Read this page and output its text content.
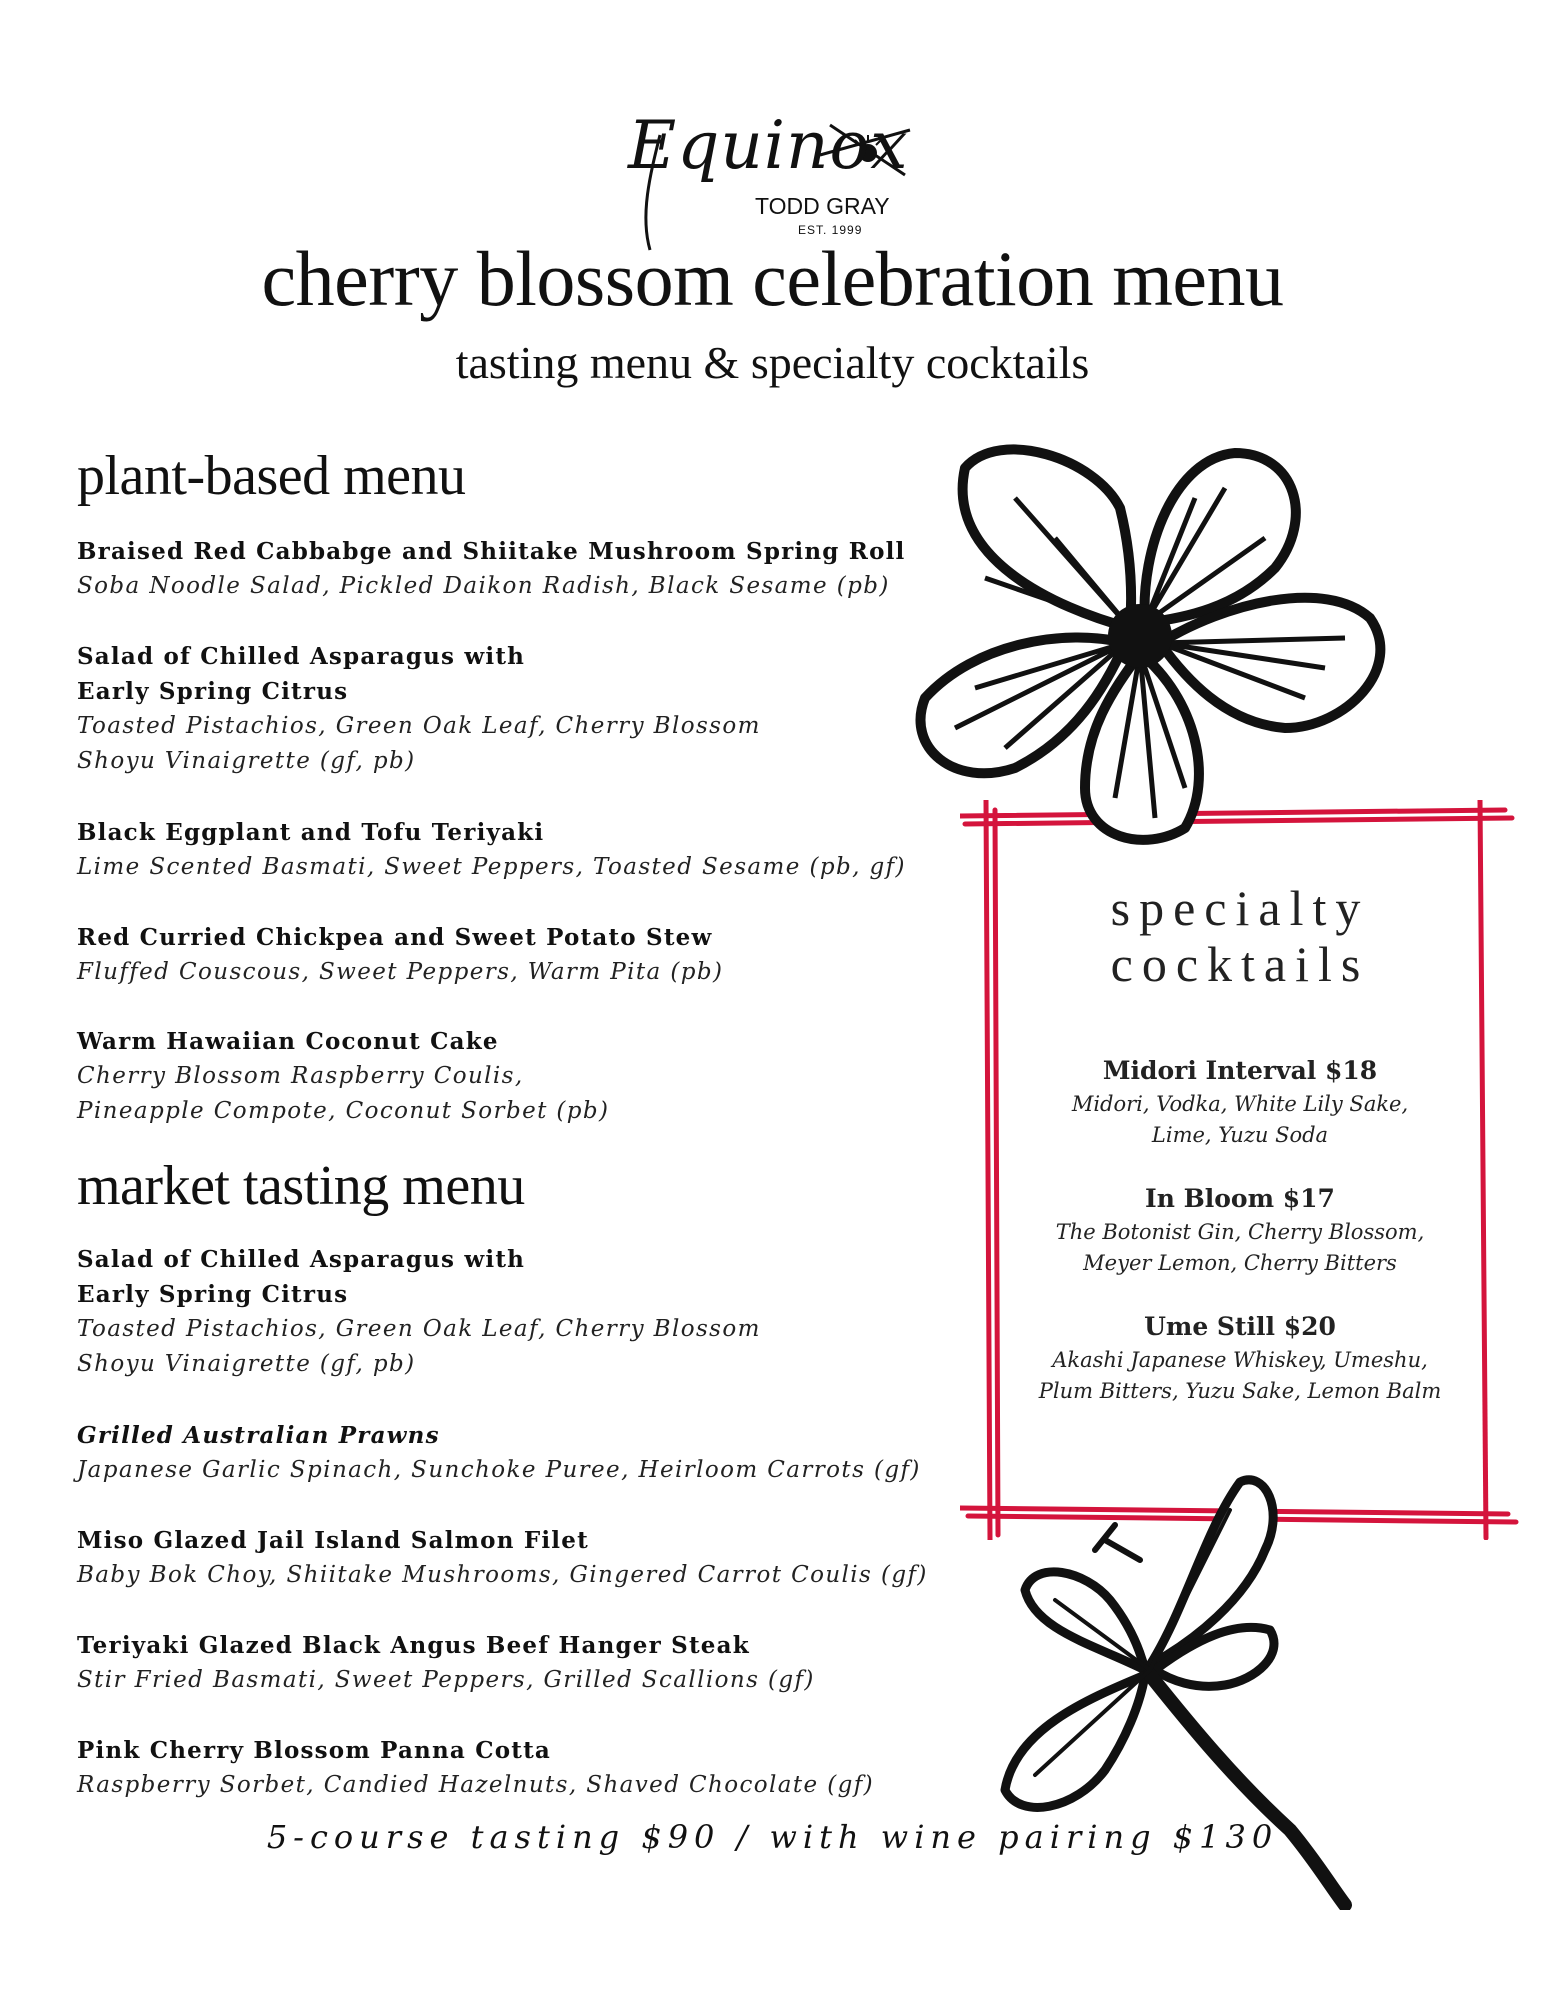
Equinox
TODD GRAY
EST. 1999
cherry blossom celebration menu
tasting menu & specialty cocktails
plant-based menu
Braised Red Cabbabge and Shiitake Mushroom Spring Roll
Soba Noodle Salad, Pickled Daikon Radish, Black Sesame (pb)
Salad of Chilled Asparagus with
Early Spring Citrus
Toasted Pistachios, Green Oak Leaf, Cherry Blossom
Shoyu Vinaigrette (gf, pb)
Black Eggplant and Tofu Teriyaki
Lime Scented Basmati, Sweet Peppers, Toasted Sesame (pb, gf)
Red Curried Chickpea and Sweet Potato Stew
Fluffed Couscous, Sweet Peppers, Warm Pita (pb)
Warm Hawaiian Coconut Cake
Cherry Blossom Raspberry Coulis,
Pineapple Compote, Coconut Sorbet (pb)
market tasting menu
Salad of Chilled Asparagus with
Early Spring Citrus
Toasted Pistachios, Green Oak Leaf, Cherry Blossom
Shoyu Vinaigrette (gf, pb)
Grilled Australian Prawns
Japanese Garlic Spinach, Sunchoke Puree, Heirloom Carrots (gf)
Miso Glazed Jail Island Salmon Filet
Baby Bok Choy, Shiitake Mushrooms, Gingered Carrot Coulis (gf)
Teriyaki Glazed Black Angus Beef Hanger Steak
Stir Fried Basmati, Sweet Peppers, Grilled Scallions (gf)
Pink Cherry Blossom Panna Cotta
Raspberry Sorbet, Candied Hazelnuts, Shaved Chocolate (gf)
specialty
cocktails
Midori Interval $18
Midori, Vodka, White Lily Sake,
Lime, Yuzu Soda
In Bloom $17
The Botonist Gin, Cherry Blossom,
Meyer Lemon, Cherry Bitters
Ume Still $20
Akashi Japanese Whiskey, Umeshu,
Plum Bitters, Yuzu Sake, Lemon Balm
5-course tasting $90 / with wine pairing $130
